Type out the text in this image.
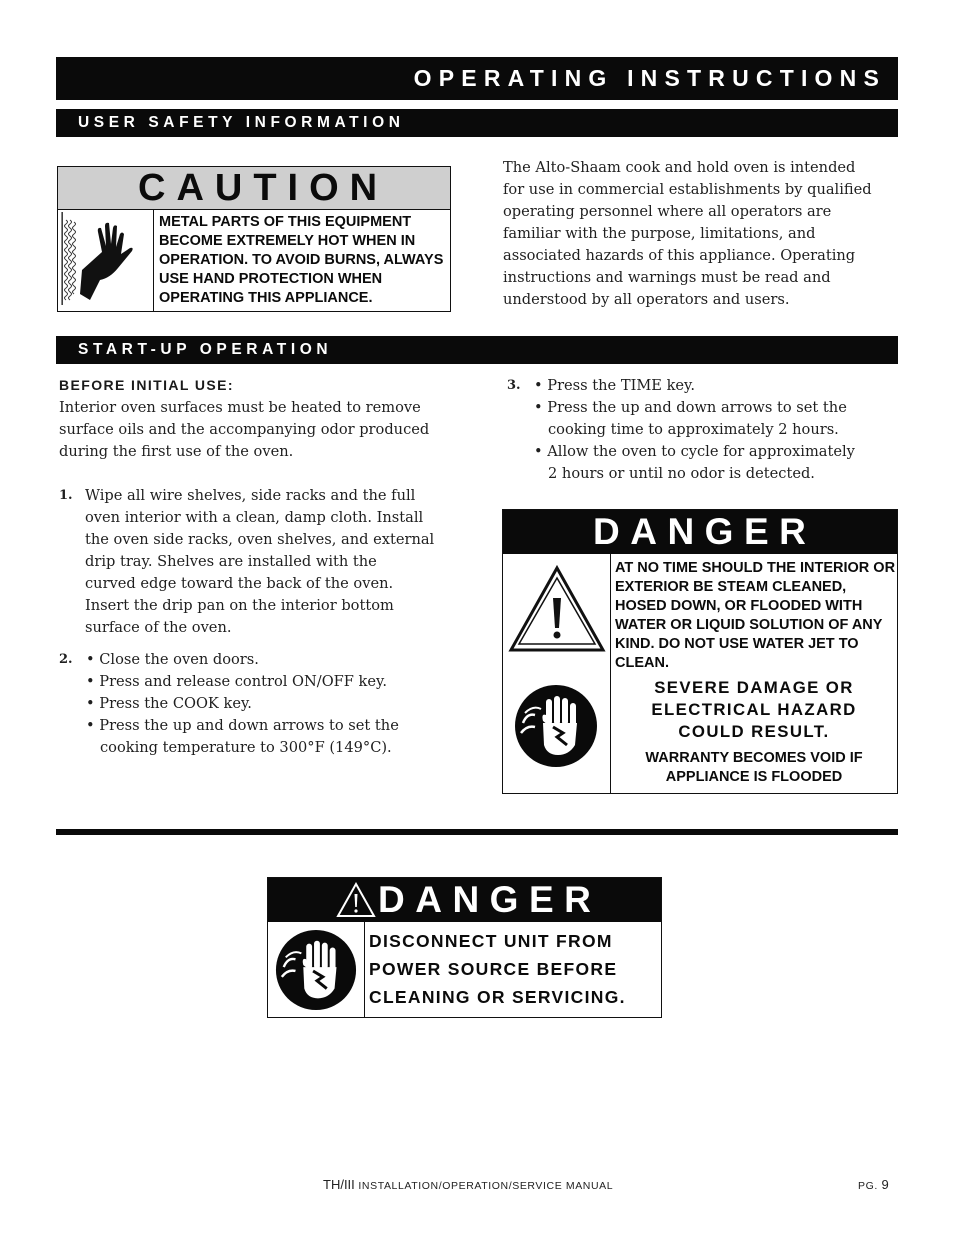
OPERATING INSTRUCTIONS
USER SAFETY INFORMATION
CAUTION
METAL PARTS OF THIS EQUIPMENT BECOME EXTREMELY HOT WHEN IN OPERATION. TO AVOID BURNS, ALWAYS USE HAND PROTECTION WHEN OPERATING THIS APPLIANCE.
The Alto-Shaam cook and hold oven is intended
for use in commercial establishments by qualified
operating personnel where all operators are
familiar with the purpose, limitations, and
associated hazards of this appliance. Operating
instructions and warnings must be read and
understood by all operators and users.
START-UP OPERATION
BEFORE INITIAL USE:
Interior oven surfaces must be heated to remove
surface oils and the accompanying odor produced
during the first use of the oven.
1. Wipe all wire shelves, side racks and the full
oven interior with a clean, damp cloth. Install
the oven side racks, oven shelves, and external
drip tray. Shelves are installed with the
curved edge toward the back of the oven.
Insert the drip pan on the interior bottom
surface of the oven.
2. • Close the oven doors.
• Press and release control ON/OFF key.
• Press the COOK key.
• Press the up and down arrows to set the
cooking temperature to 300°F (149°C).
3. • Press the TIME key.
• Press the up and down arrows to set the
cooking time to approximately 2 hours.
• Allow the oven to cycle for approximately
2 hours or until no odor is detected.
DANGER
AT NO TIME SHOULD THE INTERIOR OR EXTERIOR BE STEAM CLEANED, HOSED DOWN, OR FLOODED WITH WATER OR LIQUID SOLUTION OF ANY KIND. DO NOT USE WATER JET TO CLEAN.
SEVERE DAMAGE OR
ELECTRICAL HAZARD
COULD RESULT.
WARRANTY BECOMES VOID IF
APPLIANCE IS FLOODED
DANGER
DISCONNECT UNIT FROM
POWER SOURCE BEFORE
CLEANING OR SERVICING.
TH/III INSTALLATION/OPERATION/SERVICE MANUAL	PG. 9
